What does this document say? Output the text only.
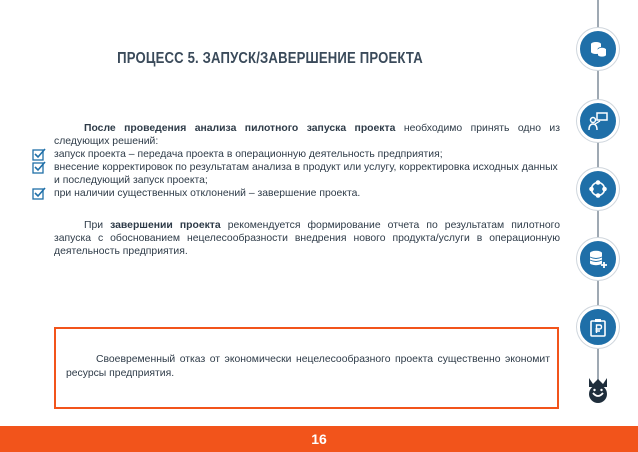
ПРОЦЕСС 5. ЗАПУСК/ЗАВЕРШЕНИЕ ПРОЕКТА
После проведения анализа пилотного запуска проекта необходимо принять одно из следующих решений:
запуск проекта – передача проекта в операционную деятельность предприятия;
внесение корректировок по результатам анализа в продукт или услугу, корректировка исходных данных и последующий запуск проекта;
при наличии существенных отклонений – завершение проекта.
При завершении проекта рекомендуется формирование отчета по результатам пилотного запуска с обоснованием нецелесообразности внедрения нового продукта/услуги в операционную деятельность предприятия.
Своевременный отказ от экономически нецелесообразного проекта существенно экономит ресурсы предприятия.
16
